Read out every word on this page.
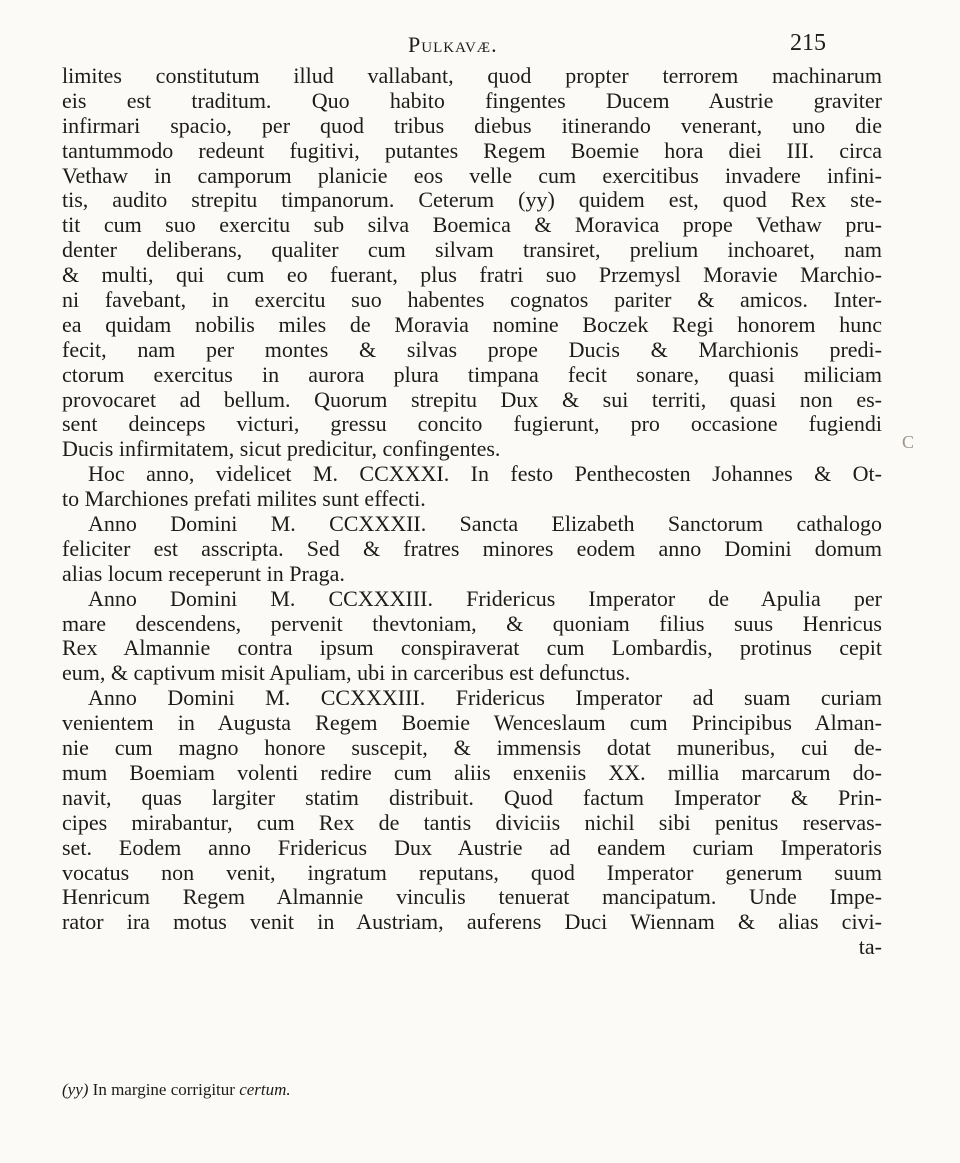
Pulkavæ.	215
limites constitutum illud vallabant, quod propter terrorem machinarum
eis est traditum. Quo habito fingentes Ducem Austrie graviter
infirmari spacio, per quod tribus diebus itinerando venerant, uno die
tantummodo redeunt fugitivi, putantes Regem Boemie hora diei III. circa
Vethaw in camporum planicie eos velle cum exercitibus invadere infini-
tis, audito strepitu timpanorum. Ceterum (yy) quidem est, quod Rex ste-
tit cum suo exercitu sub silva Boemica & Moravica prope Vethaw pru-
denter deliberans, qualiter cum silvam transiret, prelium inchoaret, nam
& multi, qui cum eo fuerant, plus fratri suo Przemysl Moravie Marchio-
ni favebant, in exercitu suo habentes cognatos pariter & amicos. Inter-
ea quidam nobilis miles de Moravia nomine Boczek Regi honorem hunc
fecit, nam per montes & silvas prope Ducis & Marchionis predi-
ctorum exercitus in aurora plura timpana fecit sonare, quasi miliciam
provocaret ad bellum. Quorum strepitu Dux & sui territi, quasi non es-
sent deinceps victuri, gressu concito fugierunt, pro occasione fugiendi
Ducis infirmitatem, sicut predicitur, confingentes.
Hoc anno, videlicet M. CCXXXI. In festo Penthecosten Johannes & Ot-
to Marchiones prefati milites sunt effecti.
Anno Domini M. CCXXXII. Sancta Elizabeth Sanctorum cathalogo
feliciter est asscripta. Sed & fratres minores eodem anno Domini domum
alias locum receperunt in Praga.
Anno Domini M. CCXXXIII. Fridericus Imperator de Apulia per
mare descendens, pervenit thevtoniam, & quoniam filius suus Henricus
Rex Almannie contra ipsum conspiraverat cum Lombardis, protinus cepit
eum, & captivum misit Apuliam, ubi in carceribus est defunctus.
Anno Domini M. CCXXXIII. Fridericus Imperator ad suam curiam
venientem in Augusta Regem Boemie Wenceslaum cum Principibus Alman-
nie cum magno honore suscepit, & immensis dotat muneribus, cui de-
mum Boemiam volenti redire cum aliis enxeniis XX. millia marcarum do-
navit, quas largiter statim distribuit. Quod factum Imperator & Prin-
cipes mirabantur, cum Rex de tantis diviciis nichil sibi penitus reservas-
set. Eodem anno Fridericus Dux Austrie ad eandem curiam Imperatoris
vocatus non venit, ingratum reputans, quod Imperator generum suum
Henricum Regem Almannie vinculis tenuerat mancipatum. Unde Impe-
rator ira motus venit in Austriam, auferens Duci Wiennam & alias civi-
ta-
C
(yy) In margine corrigitur certum.
